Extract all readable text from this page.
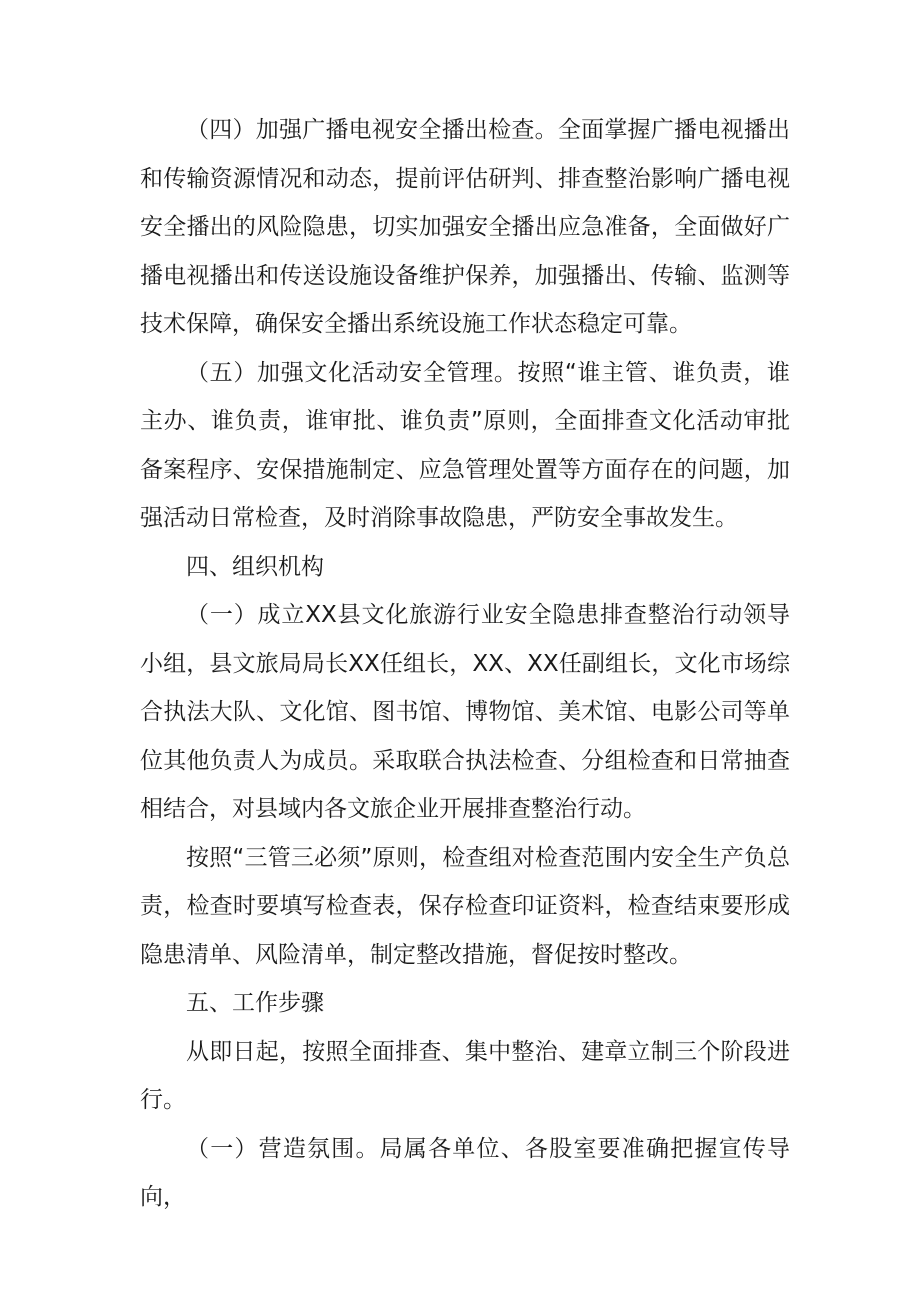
（四）加强广播电视安全播出检查。全面掌握广播电视播出和传输资源情况和动态，提前评估研判、排查整治影响广播电视安全播出的风险隐患，切实加强安全播出应急准备，全面做好广播电视播出和传送设施设备维护保养，加强播出、传输、监测等技术保障，确保安全播出系统设施工作状态稳定可靠。

（五）加强文化活动安全管理。按照“谁主管、谁负责，谁主办、谁负责，谁审批、谁负责”原则，全面排查文化活动审批备案程序、安保措施制定、应急管理处置等方面存在的问题，加强活动日常检查，及时消除事故隐患，严防安全事故发生。

四、组织机构

（一）成立XX县文化旅游行业安全隐患排查整治行动领导小组，县文旅局局长XX任组长，XX、XX任副组长，文化市场综合执法大队、文化馆、图书馆、博物馆、美术馆、电影公司等单位其他负责人为成员。采取联合执法检查、分组检查和日常抽查相结合，对县域内各文旅企业开展排查整治行动。

按照“三管三必须”原则，检查组对检查范围内安全生产负总责，检查时要填写检查表，保存检查印证资料，检查结束要形成隐患清单、风险清单，制定整改措施，督促按时整改。

五、工作步骤

从即日起，按照全面排查、集中整治、建章立制三个阶段进行。

（一）营造氛围。局属各单位、各股室要准确把握宣传导向，
